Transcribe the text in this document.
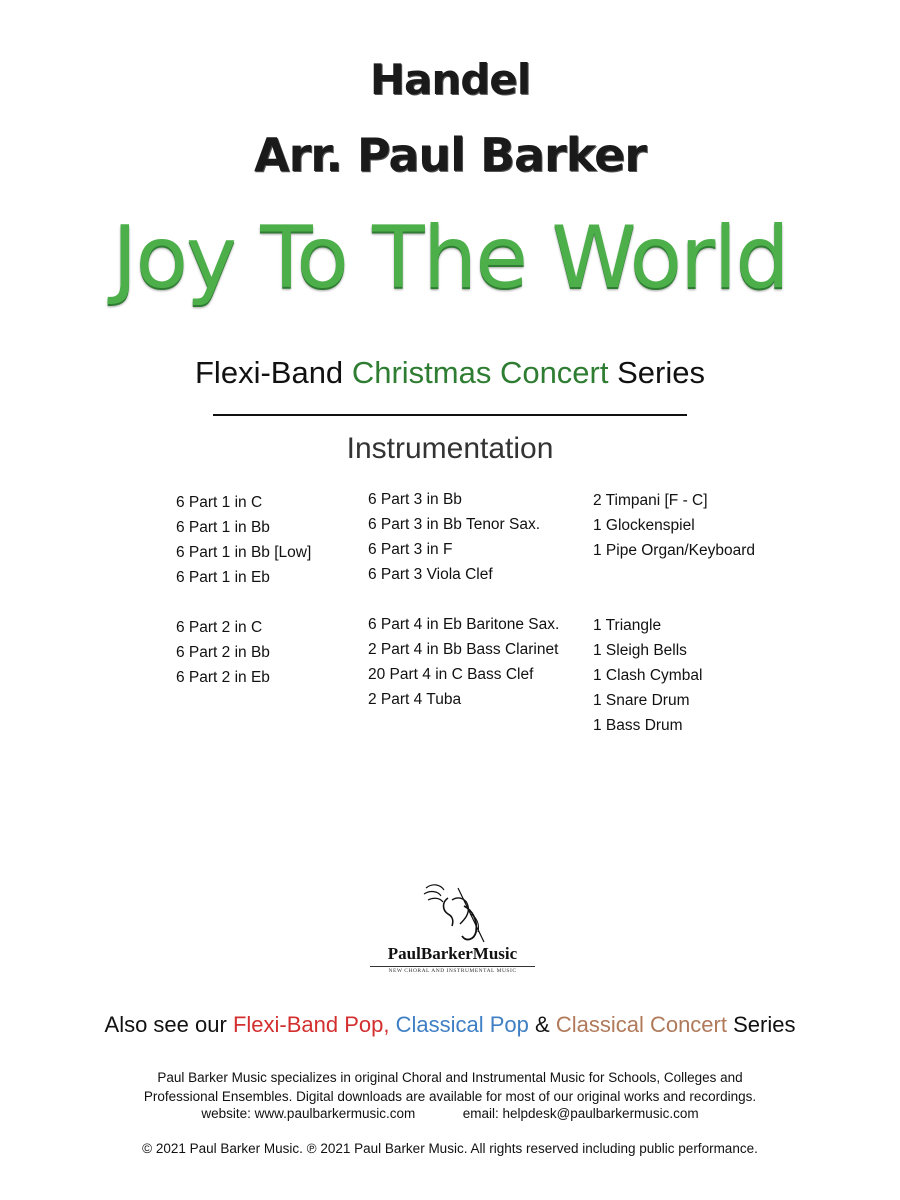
Handel
Arr. Paul Barker
Joy To The World
Flexi-Band Christmas Concert Series
Instrumentation
6 Part 1 in C
6 Part 1 in Bb
6 Part 1 in Bb [Low]
6 Part 1 in Eb
6 Part 2 in C
6 Part 2 in Bb
6 Part 2 in Eb
6 Part 3 in Bb
6 Part 3 in Bb Tenor Sax.
6 Part 3 in F
6 Part 3 Viola Clef
6 Part 4 in Eb Baritone Sax.
2 Part 4 in Bb Bass Clarinet
20 Part 4 in C Bass Clef
2 Part 4 Tuba
2 Timpani [F - C]
1 Glockenspiel
1 Pipe Organ/Keyboard
1 Triangle
1 Sleigh Bells
1 Clash Cymbal
1 Snare Drum
1 Bass Drum
PaulBarkerMusic
NEW CHORAL AND INSTRUMENTAL MUSIC
Also see our Flexi-Band Pop, Classical Pop & Classical Concert Series
Paul Barker Music specializes in original Choral and Instrumental Music for Schools, Colleges and
Professional Ensembles. Digital downloads are available for most of our original works and recordings.
website: www.paulbarkermusic.com	email: helpdesk@paulbarkermusic.com
© 2021 Paul Barker Music. ℗ 2021 Paul Barker Music. All rights reserved including public performance.
